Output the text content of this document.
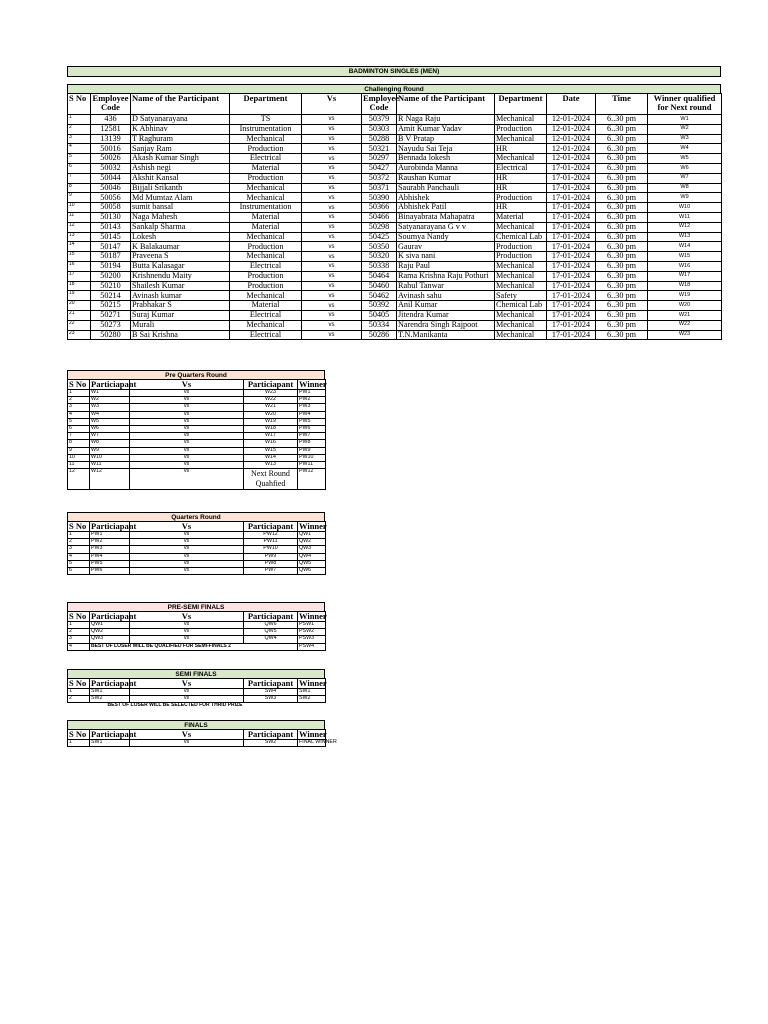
BADMINTON SINGLES (MEN)
Challenging Round
S No	Employee Code	Name of the Participant	Department	Vs	Employee Code	Name of the Participant	Department	Date	Time	Winner qualified for Next round
1	436	D Satyanarayana	TS	vs	50379	R Naga Raju	Mechanical	12-01-2024	6..30 pm	W1
2	12581	K Abhinav	Instrumentation	vs	50303	Amit Kumar Yadav	Production	12-01-2024	6..30 pm	W2
3	13139	T Raghuram	Mechanical	vs	50288	B V Pratap	Mechanical	12-01-2024	6..30 pm	W3
4	50016	Sanjay Ram	Production	vs	50321	Nayudu Sai Teja	HR	12-01-2024	6..30 pm	W4
5	50026	Akash Kumar Singh	Electrical	vs	50297	Bennada lokesh	Mechanical	12-01-2024	6..30 pm	W5
6	50032	Ashish negi	Material	vs	50427	Aurobinda Manna	Electrical	17-01-2024	6..30 pm	W6
7	50044	Akshit Kansal	Production	vs	50372	Raushan Kumar	HR	17-01-2024	6..30 pm	W7
8	50046	Bijjali Srikanth	Mechanical	vs	50371	Saurabh Panchauli	HR	17-01-2024	6..30 pm	W8
9	50056	Md Mumtaz Alam	Mechanical	vs	50390	Abhishek	Production	17-01-2024	6..30 pm	W9
10	50058	sumit bansal	Instrumentation	vs	50366	Abhishek Patil	HR	17-01-2024	6..30 pm	W10
11	50130	Naga Mahesh	Material	vs	50466	Binayabrata Mahapatra	Material	17-01-2024	6..30 pm	W11
12	50143	Sankalp Sharma	Material	vs	50298	Satyanarayana G v v	Mechanical	17-01-2024	6..30 pm	W12
13	50145	Lokesh	Mechanical	vs	50425	Soumya Nandy	Chemical Lab	17-01-2024	6..30 pm	W13
14	50147	K Balakaumar	Production	vs	50350	Gaurav	Production	17-01-2024	6..30 pm	W14
15	50187	Praveena S	Mechanical	vs	50320	K siva nani	Production	17-01-2024	6..30 pm	W15
16	50194	Butta Kalasagar	Electrical	vs	50338	Raju Paul	Mechanical	17-01-2024	6..30 pm	W16
17	50200	Krishnendu Maity	Production	vs	50464	Rama Krishna Raju Pothuri	Mechanical	17-01-2024	6..30 pm	W17
18	50210	Shailesh Kumar	Production	vs	50460	Rahul Tanwar	Mechanical	17-01-2024	6..30 pm	W18
19	50214	Avinash kumar	Mechanical	vs	50462	Avinash sahu	Safety	17-01-2024	6..30 pm	W19
20	50215	Prabhakar S	Material	vs	50392	Anil Kumar	Chemical Lab	17-01-2024	6..30 pm	W20
21	50271	Suraj Kumar	Electrical	vs	50405	Jitendra Kumar	Mechanical	17-01-2024	6..30 pm	W21
22	50273	Murali	Mechanical	vs	50334	Narendra Singh Rajpoot	Mechanical	17-01-2024	6..30 pm	W22
23	50280	B Sai Krishna	Electrical	vs	50286	T.N.Manikanta	Mechanical	17-01-2024	6..30 pm	W23
Pre Quarters Round
S No	Particiapant	Vs	Particiapant	Winner
1	W1	vs	W23	PW1
2	W2	vs	W22	PW2
3	W3	vs	W21	PW3
4	W4	vs	W20	PW4
5	W5	vs	W19	PW5
6	W6	vs	W18	PW6
7	W7	vs	W17	PW7
8	W8	vs	W16	PW8
9	W9	vs	W15	PW9
10	W10	vs	W14	PW10
11	W11	vs	W13	PW11
12	W12	vs	Next Round Quahfied	PW12
Quarters Round
S No	Particiapant	Vs	Particiapant	Winner
1	PW1	vs	PW12	QW1
2	PW2	vs	PW11	QW2
3	PW3	vs	PW10	QW3
4	PW4	vs	PW9	QW4
5	PW5	vs	PW8	QW5
6	PW6	vs	PW7	QW6
PRE-SEMI FINALS
S No	Particiapant	Vs	Particiapant	Winner
1	QW1	vs	QW6	PSW1
2	QW2	vs	QW5	PSW2
3	QW3	vs	QW4	PSW3
4	BEST OF LOSER WILL BE QUALIFIED FOR SEMI-FINALS 2			PSW4
SEMI FINALS
S No	Particiapant	Vs	Particiapant	Winner
1	SW1	vs	SW4	SW1
2	SW2	vs	SW3	SW2
	BEST OF LOSER WILL BE SELECTED FOR THRID PRIZE			
FINALS
S No	Particiapant	Vs	Particiapant	Winner
1	SW1	vs	SW2	FINAL WINNER
